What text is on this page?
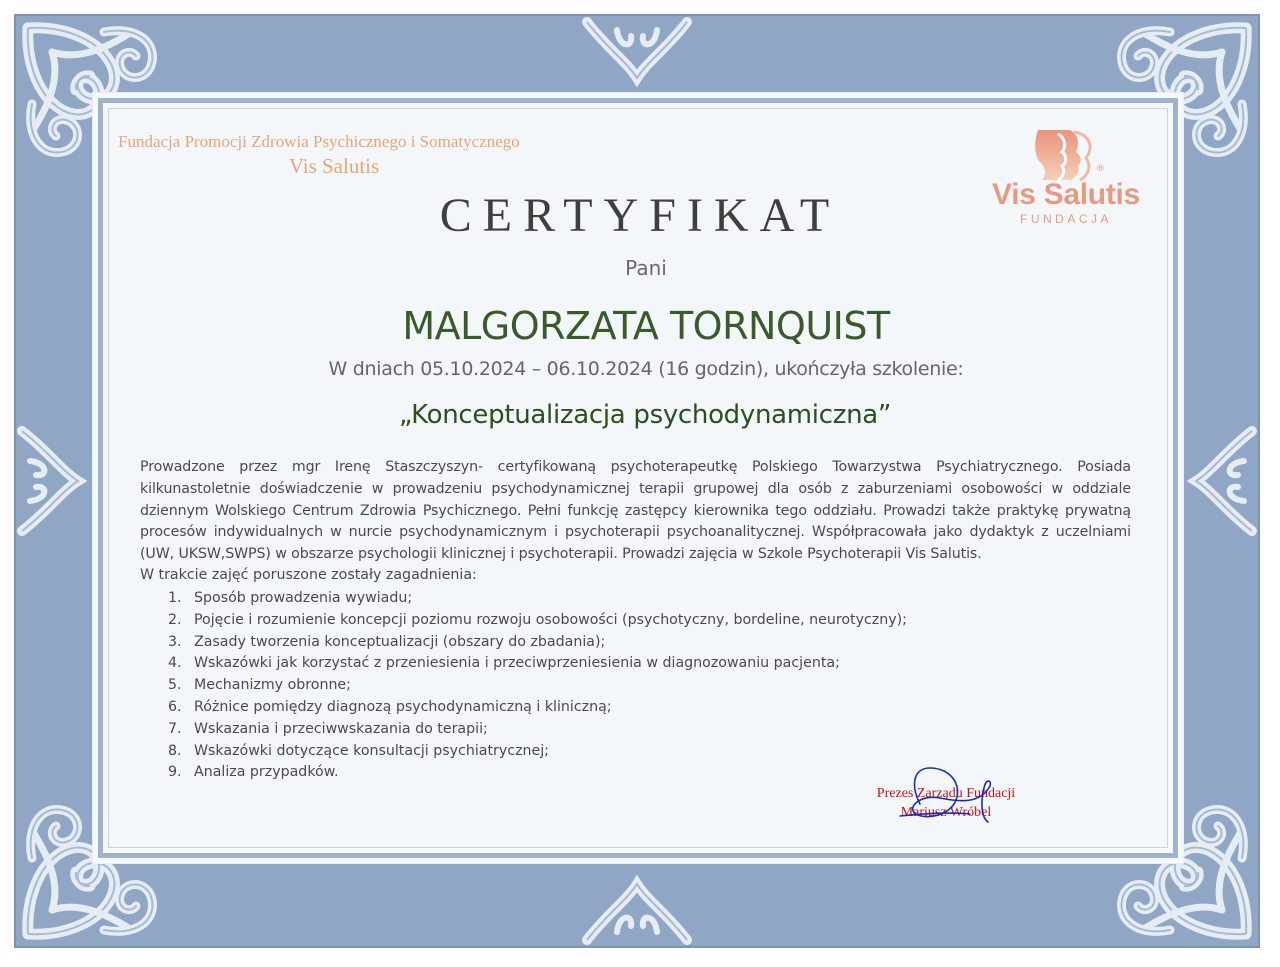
Fundacja Promocji Zdrowia Psychicznego i Somatycznego
Vis Salutis	®
Vis Salutis
FUNDACJA
CERTYFIKAT
Pani
MALGORZATA TORNQUIST
W dniach 05.10.2024 – 06.10.2024 (16 godzin), ukończyła szkolenie:
„Konceptualizacja psychodynamiczna”
Prowadzone przez mgr Irenę Staszczyszyn- certyfikowaną psychoterapeutkę Polskiego Towarzystwa Psychiatrycznego. Posiada kilkunastoletnie doświadczenie w prowadzeniu psychodynamicznej terapii grupowej dla osób z zaburzeniami osobowości w oddziale dziennym Wolskiego Centrum Zdrowia Psychicznego. Pełni funkcję zastępcy kierownika tego oddziału. Prowadzi także praktykę prywatną procesów indywidualnych w nurcie psychodynamicznym i psychoterapii psychoanalitycznej. Współpracowała jako dydaktyk z uczelniami (UW, UKSW,SWPS) w obszarze psychologii klinicznej i psychoterapii. Prowadzi zajęcia w Szkole Psychoterapii Vis Salutis.
W trakcie zajęć poruszone zostały zagadnienia:
1. Sposób prowadzenia wywiadu;
2. Pojęcie i rozumienie koncepcji poziomu rozwoju osobowości (psychotyczny, bordeline, neurotyczny);
3. Zasady tworzenia konceptualizacji (obszary do zbadania);
4. Wskazówki jak korzystać z przeniesienia i przeciwprzeniesienia w diagnozowaniu pacjenta;
5. Mechanizmy obronne;
6. Różnice pomiędzy diagnozą psychodynamiczną i kliniczną;
7. Wskazania i przeciwwskazania do terapii;
8. Wskazówki dotyczące konsultacji psychiatrycznej;
9. Analiza przypadków.
Prezes Zarządu Fundacji
Mariusz Wróbel
